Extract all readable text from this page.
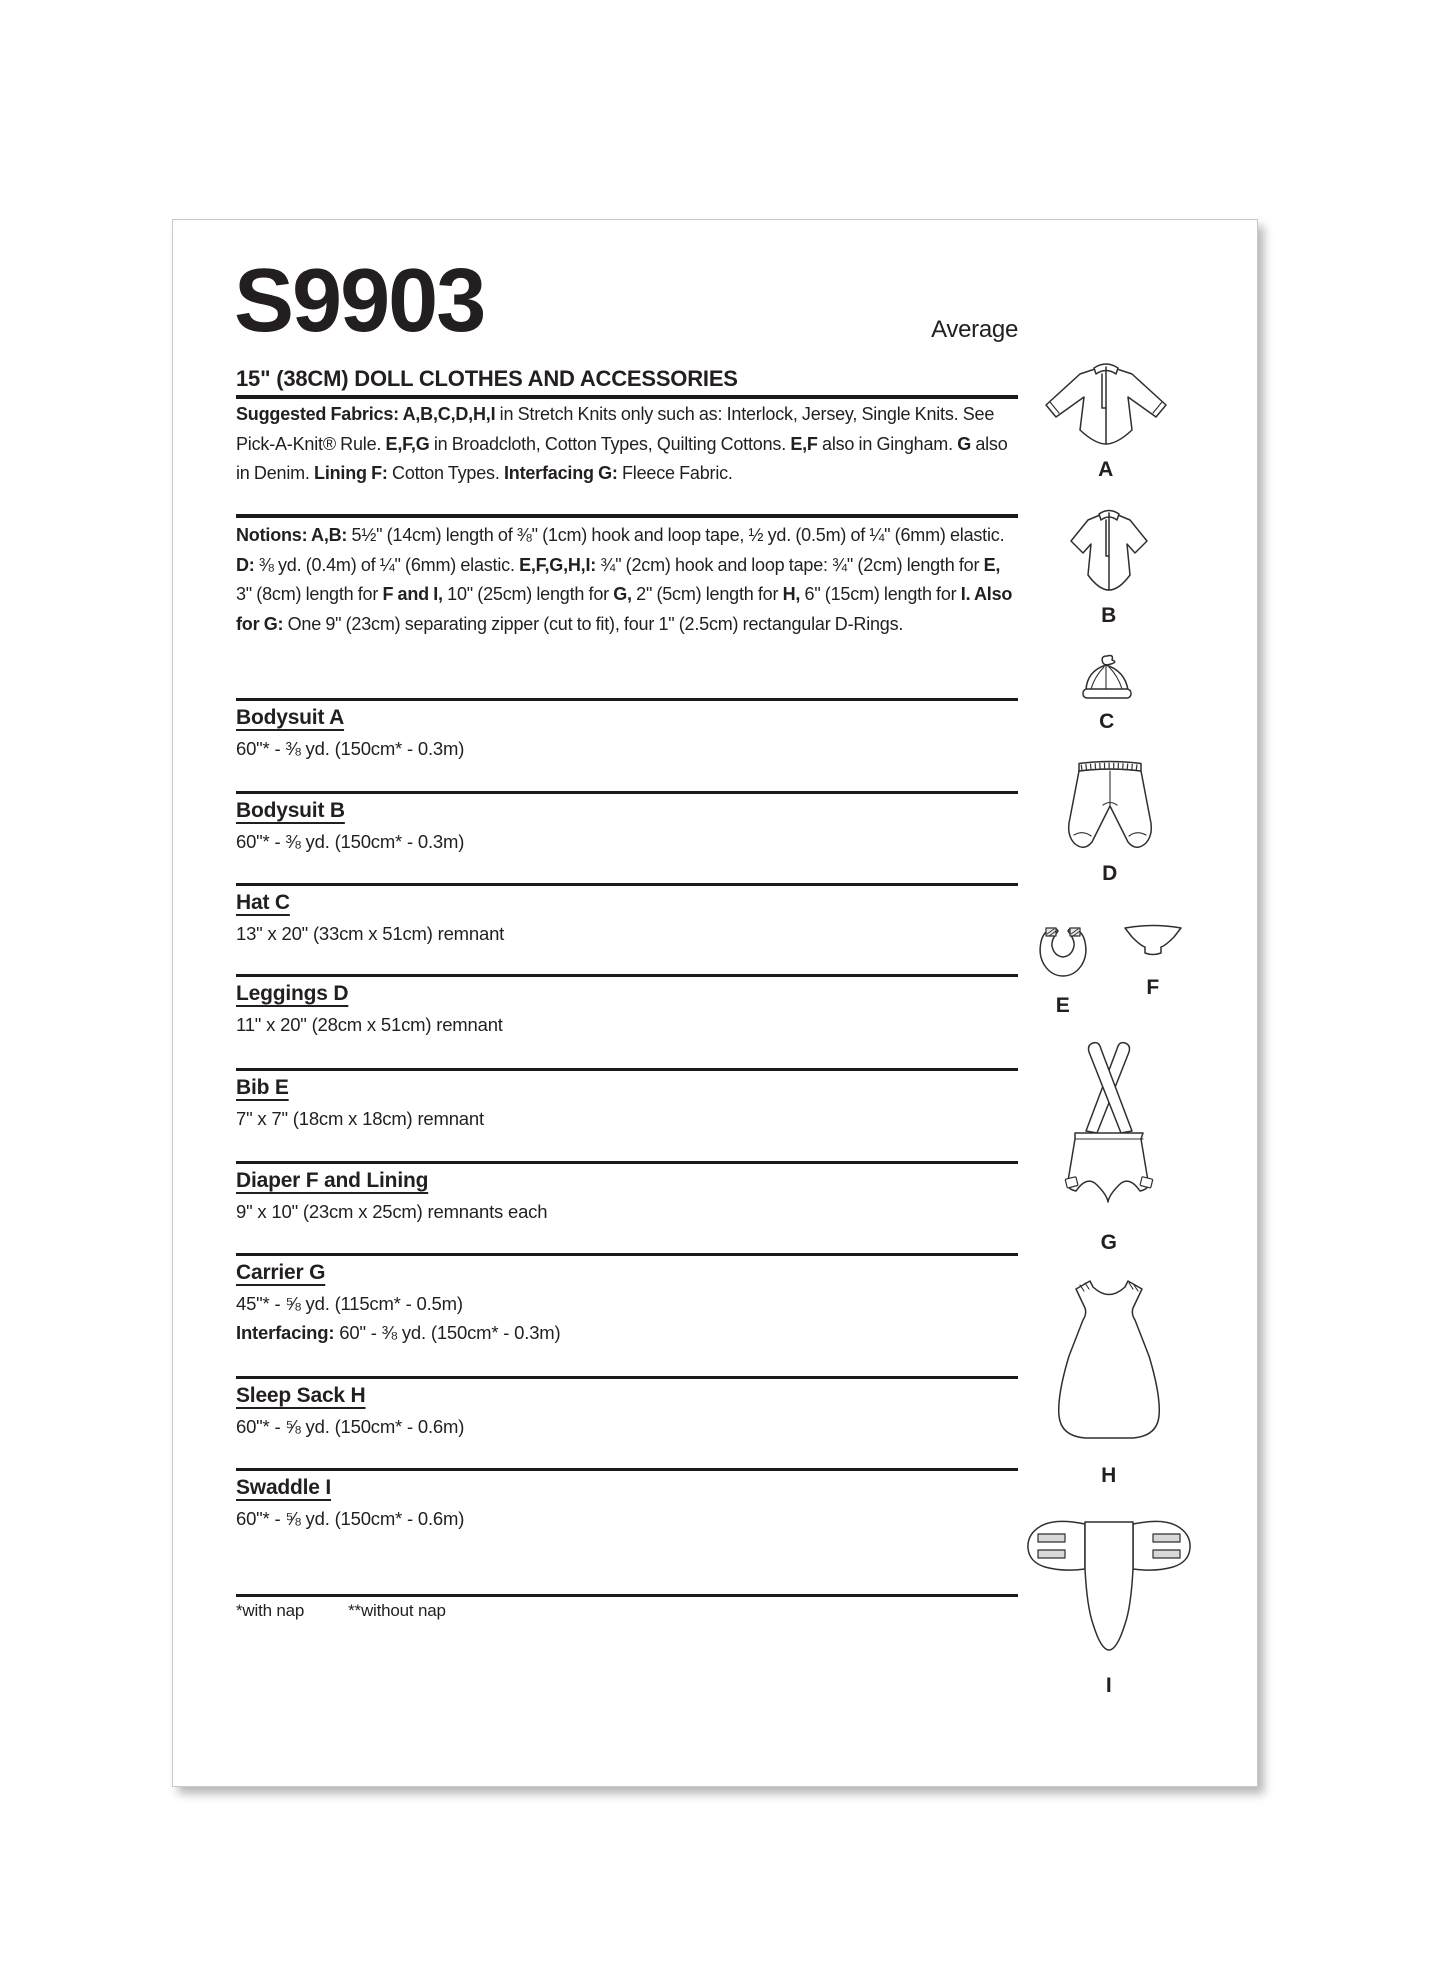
S9903	Average
15" (38CM) DOLL CLOTHES AND ACCESSORIES
Suggested Fabrics: A,B,C,D,H,I in Stretch Knits only such as: Interlock, Jersey, Single Knits. See Pick-A-Knit® Rule. E,F,G in Broadcloth, Cotton Types, Quilting Cottons. E,F also in Gingham. G also in Denim. Lining F: Cotton Types. Interfacing G: Fleece Fabric.
Notions: A,B: 5½" (14cm) length of ⅜" (1cm) hook and loop tape, ½ yd. (0.5m) of ¼" (6mm) elastic. D: ⅜ yd. (0.4m) of ¼" (6mm) elastic. E,F,G,H,I: ¾" (2cm) hook and loop tape: ¾" (2cm) length for E, 3" (8cm) length for F and I, 10" (25cm) length for G, 2" (5cm) length for H, 6" (15cm) length for I. Also for G: One 9" (23cm) separating zipper (cut to fit), four 1" (2.5cm) rectangular D-Rings.
Bodysuit A
60"* - ⅜ yd. (150cm* - 0.3m)
Bodysuit B
60"* - ⅜ yd. (150cm* - 0.3m)
Hat C
13" x 20" (33cm x 51cm) remnant
Leggings D
11" x 20" (28cm x 51cm) remnant
Bib E
7" x 7" (18cm x 18cm) remnant
Diaper F and Lining
9" x 10" (23cm x 25cm) remnants each
Carrier G
45"* - ⅝ yd. (115cm* - 0.5m)
Interfacing: 60" - ⅜ yd. (150cm* - 0.3m)
Sleep Sack H
60"* - ⅝ yd. (150cm* - 0.6m)
Swaddle I
60"* - ⅝ yd. (150cm* - 0.6m)
*with nap	**without nap
A
B
C
D
E
F
G
H
I
